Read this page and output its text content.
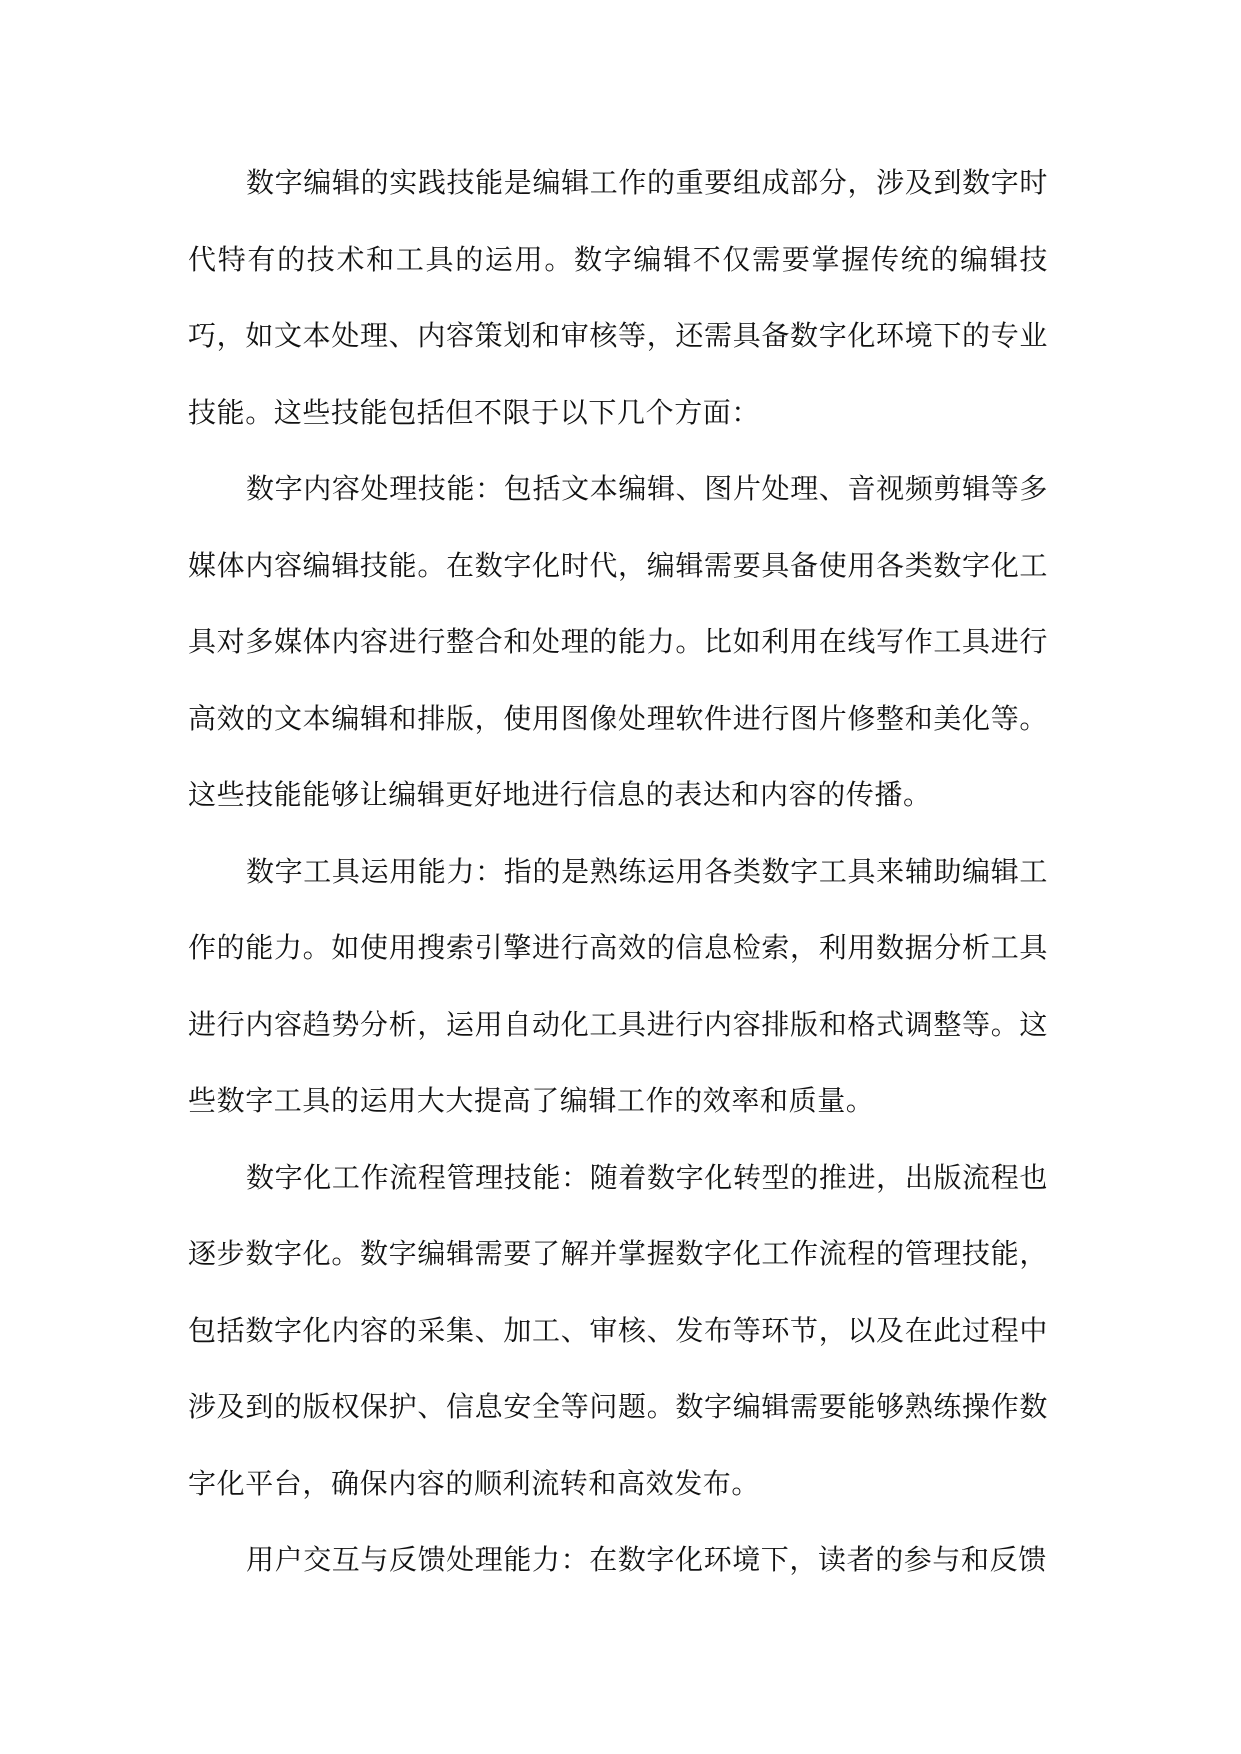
数字编辑的实践技能是编辑工作的重要组成部分，涉及到数字时代特有的技术和工具的运用。数字编辑不仅需要掌握传统的编辑技巧，如文本处理、内容策划和审核等，还需具备数字化环境下的专业技能。这些技能包括但不限于以下几个方面：

数字内容处理技能：包括文本编辑、图片处理、音视频剪辑等多媒体内容编辑技能。在数字化时代，编辑需要具备使用各类数字化工具对多媒体内容进行整合和处理的能力。比如利用在线写作工具进行高效的文本编辑和排版，使用图像处理软件进行图片修整和美化等。这些技能能够让编辑更好地进行信息的表达和内容的传播。

数字工具运用能力：指的是熟练运用各类数字工具来辅助编辑工作的能力。如使用搜索引擎进行高效的信息检索，利用数据分析工具进行内容趋势分析，运用自动化工具进行内容排版和格式调整等。这些数字工具的运用大大提高了编辑工作的效率和质量。

数字化工作流程管理技能：随着数字化转型的推进，出版流程也逐步数字化。数字编辑需要了解并掌握数字化工作流程的管理技能，包括数字化内容的采集、加工、审核、发布等环节，以及在此过程中涉及到的版权保护、信息安全等问题。数字编辑需要能够熟练操作数字化平台，确保内容的顺利流转和高效发布。

用户交互与反馈处理能力：在数字化环境下，读者的参与和反馈
